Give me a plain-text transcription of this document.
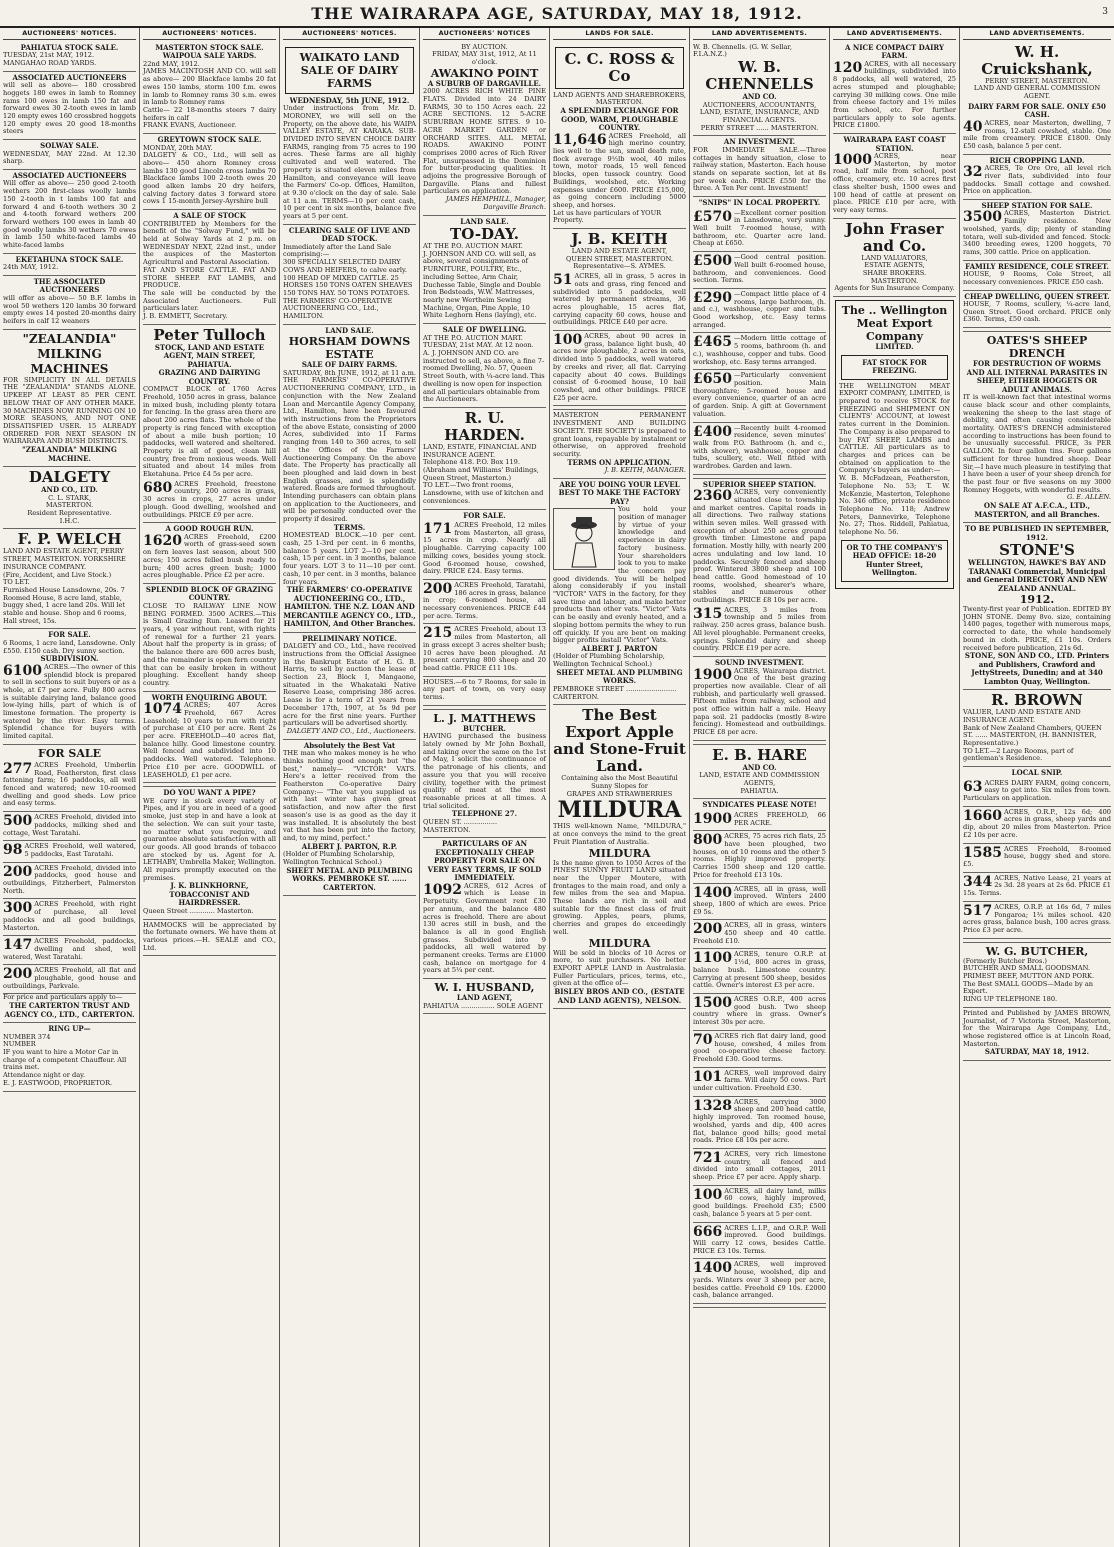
THE WAIRARAPA AGE, SATURDAY, MAY 18, 1912.	3
AUCTIONEERS' NOTICES.
PAHIATUA STOCK SALE.
TUESDAY, 21st MAY, 1912.
MANGAHAO ROAD YARDS.
ASSOCIATED AUCTIONEERS
will sell as above— 180 crossbred hoggets 180 ewes in lamb to Romney rams 100 ewes in lamb 150 fat and forward ewes 30 2-tooth ewes in lamb 120 empty ewes 160 crossbred hoggets 120 empty ewes 20 good 18-months steers
SOLWAY SALE.
WEDNESDAY, MAY 22nd. At 12.30 sharp.
ASSOCIATED AUCTIONEERS
Will offer as above— 250 good 2-tooth wethers 200 first-class woolly lambs 150 2-tooth in t lambs 100 fat and forward 4 and 6-tooth wethers 30 2 and 4-tooth forward wethers 200 forward wethers 100 ewes in lamb 40 good woolly lambs 30 wethers 70 ewes in lamb 150 white-faced lambs 40 white-faced lambs
EKETAHUNA STOCK SALE.
24th MAY, 1912.
THE ASSOCIATED AUCTIONEERS
will offer as above— 50 B.F. lambs in wool 50 wethers 120 lambs 30 forward empty ewes 14 posted 20-months dairy heifers in calf 12 weaners
"ZEALANDIA" MILKING MACHINES
FOR SIMPLICITY IN ALL DETAILS THE "ZEALANDIA" STANDS ALONE. UPKEEP AT LEAST 85 PER CENT. BELOW THAT OF ANY OTHER MAKE. 30 MACHINES NOW RUNNING ON 10 MORE SEASONS, AND NOT ONE DISSATISFIED USER. 15 ALREADY ORDERED FOR NEXT SEASON IN WAIRARAPA AND BUSH DISTRICTS.
"ZEALANDIA" MILKING MACHINE.
DALGETY
AND CO., LTD.
C. L. STARK,
MASTERTON.
Resident Representative.
I.H.C.
F. P. WELCH
LAND AND ESTATE AGENT, PERRY STREET, MASTERTON. YORKSHIRE INSURANCE COMPANY.
(Fire, Accident, and Live Stock.)
TO LET.
Furnished House Lansdowne, 20s. 7 Roomed House, 8 acre land, stable, buggy shed, 1 acre land 20s. Will let stable and house. Shop and 6 rooms, Hall street, 15s.
FOR SALE.
6 Rooms, 1 acre land, Lansdowne. Only £550. £150 cash. Dry sunny section.
SUBDIVISION.
6100 ACRES.—The owner of this splendid block is prepared to sell in sections to suit buyers or as a whole, at £7 per acre. Fully 800 acres is suitable dairying land, balance good low-lying hills, part of which is of limestone formation. The property is watered by the river. Easy terms. Splendid chance for buyers with limited capital.
FOR SALE
277 ACRES Freehold, Umberlin Road, Featherston, first class fattening farm; 16 paddocks, all well fenced and watered; new 10-roomed dwelling and good sheds. Low price and easy terms.
500 ACRES Freehold, divided into paddocks, milking shed and cottage, West Taratahi.
98 ACRES Freehold, well watered, 5 paddocks, East Taratahi.
200 ACRES Freehold, divided into paddocks, good house and outbuildings, Fitzherbert, Palmerston North.
300 ACRES Freehold, with right of purchase, all level paddocks and all good buildings, Masterton.
147 ACRES Freehold, paddocks, dwelling and shed, well watered, West Taratahi.
200 ACRES Freehold, all flat and ploughable, good house and outbuildings, Parkvale.
For price and particulars apply to—
THE CARTERTON TRUST AND AGENCY CO., LTD., CARTERTON.
RING UP—
NUMBER 374
NUMBER
IF you want to hire a Motor Car in charge of a competent Chauffeur. All trains met.
Attendance night or day.
E. J. EASTWOOD, PROPRIETOR.
AUCTIONEERS' NOTICES.
MASTERTON STOCK SALE. WAIPOUA SALE YARDS.
22nd MAY, 1912.
JAMES MACINTOSH AND CO. will sell as above— 200 Blackface lambs 20 fat ewes 150 lambs, storm 100 f.m. ewes in lamb to Romney rams 30 s.m. ewes in lamb to Romney rams
Cattle— 22 18-months steers 7 dairy heifers in calf
FRANK EVANS, Auctioneer.
GREYTOWN STOCK SALE.
MONDAY, 20th MAY.
DALGETY & CO., Ltd., will sell as above— 450 ahorn Romney cross lambs 130 good Lincoln cross lambs 70 Blackface lambs 100 2-tooth ewes 20 good alken lambs 20 dry heifers, calving factory dates 3 forward store cows 1 15-month Jersey-Ayrshire bull
A SALE OF STOCK
CONTRIBUTED by Members for the benefit of the "Solway Fund," will be held at Solway Yards at 2 p.m. on WEDNESDAY NEXT, 22nd inst., under the auspices of the Masterton Agricultural and Pastoral Association.
FAT AND STORE CATTLE. FAT AND STORE SHEEP. FAT LAMBS, and PRODUCE.
The sale will be conducted by the Associated Auctioneers. Full particulars later.
J. B. EMMETT, Secretary.
Peter Tulloch
STOCK, LAND AND ESTATE AGENT, MAIN STREET, PAHIATUA.
GRAZING AND DAIRYING COUNTRY.
COMPACT BLOCK of 1760 Acres Freehold, 1050 acres in grass, balance in mixed bush, including plenty totara for fencing. In the grass area there are about 200 acres flats. The whole of the property is ring fenced with exception of about a mile bush portion; 10 paddocks, well watered and sheltered. Property is all of good, clean hill country, free from noxious weeds. Well situated and about 14 miles from Eketahuna. Price £4 5s per acre.
680 ACRES Freehold, freestone country, 200 acres in grass, 30 acres in crops, 27 acres under plough. Good dwelling, woolshed and outbuildings. PRICE £9 per acre.
A GOOD ROUGH RUN.
1620 ACRES Freehold, £200 worth of grass-seed sown on fern leaves last season, about 500 acres; 150 acres felled bush ready to burn; 400 acres green bush; 1000 acres ploughable. Price £2 per acre.
SPLENDID BLOCK OF GRAZING COUNTRY.
CLOSE TO RAILWAY LINE NOW BEING FORMED. 3500 ACRES.—This is Small Grazing Run. Leased for 21 years, 4 year without rent, with rights of renewal for a further 21 years. About half the property is in grass; of the balance there are 600 acres bush, and the remainder is open fern country that can be easily broken in without ploughing. Excellent handy sheep country.
WORTH ENQUIRING ABOUT.
1074 ACRES; 407 Acres Freehold, 667 Acres Leasehold; 10 years to run with right of purchase at £10 per acre. Rent 2s per acre. FREEHOLD—40 acres flat, balance hilly. Good limestone country. Well fenced and subdivided into 10 paddocks. Well watered. Telephone. Price £10 per acre. GOODWILL of LEASEHOLD, £1 per acre.
DO YOU WANT A PIPE?
WE carry in stock every variety of Pipes, and if you are in need of a good smoke, just step in and have a look at the selection. We can suit your taste, no matter what you require, and guarantee absolute satisfaction with all our goods. All good brands of tobacco are stocked by us. Agent for A. LETHABY, Umbrella Maker, Wellington. All repairs promptly executed on the premises.
J. K. BLINKHORNE,
TOBACCONIST AND HAIRDRESSER.
Queen Street ............ Masterton.
HAMMOCKS will be appreciated by the fortunate owners. We have them at various prices.—H. SEALE and CO., Ltd.
AUCTIONEERS' NOTICES.
WAIKATO LAND SALE OF DAIRY FARMS
WEDNESDAY, 5th JUNE, 1912.
Under instructions from Mr. D. MORONEY, we will sell on the Property, on the above date, his WAIPA VALLEY ESTATE, AT KARAKA. SUB-DIVIDED INTO SEVEN CHOICE DAIRY FARMS, ranging from 75 acres to 190 acres. These farms are all highly cultivated and well watered. The property is situated eleven miles from Hamilton, and conveyance will leave the Farmers' Co-op. Offices, Hamilton, at 9.30 o'clock on the day of sale. Sale at 11 a.m. TERMS—10 per cent cash, 10 per cent in six months, balance five years at 5 per cent.
CLEARING SALE OF LIVE AND DEAD STOCK.
Immediately after the Land Sale comprising:—
300 SPECIALLY SELECTED DAIRY COWS AND HEIFERS, to calve early. 100 HEAD OF MIXED CATTLE. 25 HORSES 150 TONS OATEN SHEAVES 150 TONS HAY. 50 TONS POTATOES.
THE FARMERS' CO-OPERATIVE AUCTIONEERING CO., Ltd., HAMILTON.
LAND SALE.
HORSHAM DOWNS ESTATE
SALE OF DAIRY FARMS.
SATURDAY, 8th JUNE, 1912, at 11 a.m. THE FARMERS' CO-OPERATIVE AUCTIONEERING COMPANY, LTD., in conjunction with the New Zealand Loan and Mercantile Agency Company, Ltd., Hamilton, have been favoured with instructions from the Proprietors of the above Estate, consisting of 2000 Acres, subdivided into 11 Farms ranging from 140 to 360 acres, to sell at the Offices of the Farmers' Auctioneering Company. On the above date. The Property has practically all been ploughed and laid down in best English grasses, and is splendidly watered. Roads are formed throughout. Intending purchasers can obtain plans on application to the Auctioneers, and will be personally conducted over the property if desired.
TERMS.
HOMESTEAD BLOCK.—10 per cent. cash, 25 1-3rd per cent. in 6 months, balance 5 years. LOT 2—10 per cent. cash, 15 per cent. in 3 months, balance four years. LOT 3 to 11—10 per cent. cash, 10 per cent. in 3 months, balance four years.
THE FARMERS' CO-OPERATIVE AUCTIONEERING CO., LTD., HAMILTON. THE N.Z. LOAN AND MERCANTILE AGENCY CO., LTD., HAMILTON, And Other Branches.
PRELIMINARY NOTICE.
DALGETY and CO., Ltd., have received instructions from the Official Assignee in the Bankrupt Estate of H. G. B. Harris, to sell by auction the lease of Section 23, Block I, Mangaone, situated in the Whakataki Native Reserve Lease, comprising 386 acres. Lease is for a term of 21 years from December 17th, 1907, at 5s 9d per acre for the first nine years. Further particulars will be advertised shortly.
DALGETY AND CO., Ltd., Auctioneers.
Absolutely the Best Vat
THE man who makes money is he who thinks nothing good enough but "the best," namely— "VICTOR" VATS. Here's a letter received from the Featherston Co-operative Dairy Company:— "The vat you supplied us with last winter has given great satisfaction, and now after the first season's use is as good as the day it was installed. It is absolutely the best vat that has been put into the factory, and, to my mind, perfect."
ALBERT J. PARTON, R.P.
(Holder of Plumbing Scholarship, Wellington Technical School.)
SHEET METAL AND PLUMBING WORKS. PEMBROKE ST. ...... CARTERTON.
AUCTIONEERS' NOTICES
BY AUCTION.
FRIDAY, MAY 31st, 1912, At 11 o'clock.
AWAKINO POINT
A SUBURB OF DARGAVILLE.
2000 ACRES RICH WHITE PINE FLATS. Divided into 24 DAIRY FARMS, 30 to 150 Acres each. 22 ACRE SECTIONS. 12 5-ACRE SUBURBAN HOME SITES. 9 10-ACRE MARKET GARDEN or ORCHARD SITES. ALL METAL ROADS. AWAKINO POINT comprises 2000 acres of Rich River Flat, unsurpassed in the Dominion for butter-producing qualities. It adjoins the progressive Borough of Dargaville. Plans and fullest particulars on application.
JAMES HEMPHILL, Manager, Dargaville Branch.
LAND SALE.
TO-DAY.
AT THE P.O. AUCTION MART.
J. JOHNSON AND CO. will sell, as above, several consignments of FURNITURE, POULTRY, Etc., including Settee, Arm Chair, Duchesse Table, Single and Double Iron Bedsteads, W.W. Mattresses, nearly new Wertheim Sewing Machine, Organ, Pine Apple, 10 White Leghorn Hens (laying), etc.
SALE OF DWELLING.
AT THE P.O. AUCTION MART.
TUESDAY, 21st MAY. At 12 noon.
A. J. JOHNSON AND CO. are instructed to sell, as above, a fine 7-roomed Dwelling, No. 57, Queen Street South, with ¼-acre land. This dwelling is now open for inspection and all particulars obtainable from the Auctioneers.
R. U. HARDEN.
LAND, ESTATE, FINANCIAL AND INSURANCE AGENT.
Telephone 418. P.O. Box 119.
(Abraham and Williams' Buildings, Queen Street, Masterton.)
TO LET.—Two front rooms, Lansdowne, with use of kitchen and conveniences.
FOR SALE.
171 ACRES Freehold, 12 miles from Masterton, all grass, 15 acres in crop. Nearly all ploughable. Carrying capacity 100 milking cows, besides young stock. Good 6-roomed house, cowshed, dairy. PRICE £24. Easy terms.
200 ACRES Freehold, Taratahi, 186 acres in grass, balance in crop; 6-roomed house, all necessary conveniences. PRICE £44 per acre. Terms.
215 ACRES Freehold, about 13 miles from Masterton, all in grass except 3 acres shelter bush; 10 acres have been ploughed. At present carrying 800 sheep and 20 head cattle. PRICE £11 10s.
HOUSES.—6 to 7 Rooms, for sale in any part of town, on very easy terms.
L. J. MATTHEWS
BUTCHER.
HAVING purchased the business lately owned by Mr John Boxhall, and taking over the same on the 1st of May, I solicit the continuance of the patronage of his clients, and assure you that you will receive civility, together with the primest quality of meat at the most reasonable prices at all times. A trial solicited.
TELEPHONE 27.
QUEEN ST. ................ MASTERTON.
PARTICULARS OF AN EXCEPTIONALLY CHEAP PROPERTY FOR SALE ON VERY EASY TERMS, IF SOLD IMMEDIATELY.
1092 ACRES, 612 Acres of which is Lease in Perpetuity. Government rent £30 per annum, and the balance 480 acres is freehold. There are about 130 acres still in bush, and the balance is all in good English grasses. Subdivided into 9 paddocks, all well watered by permanent creeks. Terms are £1000 cash, balance on mortgage for 4 years at 5¼ per cent.
W. I. HUSBAND,
LAND AGENT,
PAHIATUA ................ SOLE AGENT
LANDS FOR SALE.
C. C. ROSS & Co
LAND AGENTS AND SHAREBROKERS,
MASTERTON.
A SPLENDID EXCHANGE FOR GOOD, WARM, PLOUGHABLE COUNTRY.
11,646 ACRES Freehold, all high merino country, lies well to the sun, small death rate, flock average 9½lb wool, 40 miles town, motor roads, 15 well fenced blocks, open tussock country. Good Buildings, woolshed, etc. Working expenses under £600. PRICE £15,000, as going concern including 5000 sheep, and horses.
Let us have particulars of YOUR Property.
J. B. KEITH
LAND AND ESTATE AGENT,
QUEEN STREET, MASTERTON.
Representative—S. AYMES.
51 ACRES, all in grass, 5 acres in oats and grass, ring fenced and subdivided into 5 paddocks, well watered by permanent streams, 36 acres ploughable, 15 acres flat, carrying capacity 60 cows, house and outbuildings. PRICE £40 per acre.
100 ACRES, about 90 acres in grass, balance light bush, 40 acres now ploughable, 2 acres in oats, divided into 5 paddocks, well watered by creeks and river, all flat. Carrying capacity about 40 cows. Buildings consist of 6-roomed house, 10 bail cowshed, and other buildings. PRICE £25 per acre.
MASTERTON PERMANENT INVESTMENT AND BUILDING SOCIETY. THE SOCIETY is prepared to grant loans, repayable by instalment or otherwise, on approved freehold security.
TERMS ON APPLICATION.
J. B. KEITH, MANAGER.
ARE YOU DOING YOUR LEVEL BEST TO MAKE THE FACTORY PAY?
You hold your position of manager by virtue of your knowledge and experience in dairy factory business. Your shareholders look to you to make the concern pay good dividends. You will be helped along considerably if you install "VICTOR" VATS in the factory, for they save time and labour, and make better products than other vats. "Victor" Vats can be easily and evenly heated, and a sloping bottom permits the whey to run off quickly. If you are bent on making bigger profits install "Victor" Vats.
ALBERT J. PARTON
(Holder of Plumbing Scholarship, Wellington Technical School.)
SHEET METAL AND PLUMBING WORKS.
PEMBROKE STREET ........................ CARTERTON.
The Best Export Apple and Stone-Fruit Land.
Containing also the Most Beautiful Sunny Slopes for
GRAPES AND STRAWBERRIES
MILDURA
THIS well-known Name, "MILDURA," at once conveys the mind to the great Fruit Plantation of Australia.
MILDURA
Is the name given to 1050 Acres of the PINEST SUNNY FRUIT LAND situated near the Upper Moutere, with frontages to the main road, and only a few miles from the sea and Mapua. These lands are rich in soil and suitable for the finest class of fruit growing. Apples, pears, plums, cherries and grapes do exceedingly well.
MILDURA
Will be sold in blocks of 10 Acres or more, to suit purchasers. No better EXPORT APPLE LAND in Australasia. Fuller Particulars, prices, terms, etc., given at the office of—
BISLEY BROS AND CO., (ESTATE AND LAND AGENTS), NELSON.
LAND ADVERTISEMENTS.
W. B. Chennells. (G. W. Sellar, F.I.A.N.Z.)
W. B. CHENNELLS
AND CO.
AUCTIONEERS, ACCOUNTANTS, LAND, ESTATE, INSURANCE, AND FINANCIAL AGENTS.
PERRY STREET ...... MASTERTON.
AN INVESTMENT.
FOR IMMEDIATE SALE.—Three cottages in handy situation, close to railway station, Masterton. Each house stands on separate section, let at 8s per week each. PRICE £550 for the three. A Ten Per cent. Investment!
"SNIPS" IN LOCAL PROPERTY.
£570 —Excellent corner position in Lansdowne, very sunny. Well built 7-roomed house, with bathroom, etc. Quarter acre land. Cheap at £650.
£500 —Good central position. Well built 6-roomed house, bathroom, and conveniences. Good section. Terms.
£290 —Compact little place of 4 rooms, large bathroom, (h. and c.), washhouse, copper and tubs. Good workshop, etc. Easy terms arranged.
£465 —Modern little cottage of 5 rooms, bathroom (h. and c.), washhouse, copper and tubs. Good workshop, etc. Easy terms arranged.
£650 —Particularly convenient position. Main thoroughfare; 5-roomed house and every convenience, quarter of an acre of garden. Snip. A gift at Government valuation.
£400 —Recently built 4-roomed residence, seven minutes' walk from P.O. Bathroom (h. and c., with shower), washhouse, copper and tubs, scullery, etc. Well fitted with wardrobes. Garden and lawn.
SUPERIOR SHEEP STATION.
2360 ACRES, very conveniently situated close to township and market centres. Capital roads in all directions. Two railway stations within seven miles. Well grassed with exception of about 250 acres ground growth timber. Limestone and papa formation. Mostly hilly, with nearly 200 acres undulating and low land. 10 paddocks. Securely fenced and sheep proof. Wintered 3800 sheep and 100 head cattle. Good homestead of 10 rooms, woolshed, shearer's whare, stables and numerous other outbuildings. PRICE £8 10s per acre.
315 ACRES, 3 miles from township and 5 miles from railway. 250 acres grass, balance bush. All level ploughable. Permanent creeks, springs. Splendid dairy and sheep country. PRICE £19 per acre.
SOUND INVESTMENT.
1900 ACRES, Wairarapa district. One of the best grazing properties now available. Clear of all rubbish, and particularly well grassed. Fifteen miles from railway, school and post office within half a mile. Heavy papa soil. 21 paddocks (mostly 8-wire fencing). Homestead and outbuildings. PRICE £8 per acre.
E. B. HARE
AND CO.
LAND, ESTATE AND COMMISSION AGENTS,
PAHIATUA.
SYNDICATES PLEASE NOTE!
1900 ACRES FREEHOLD, 66 PER ACRE.
800 ACRES, 75 acres rich flats, 25 have been ploughed, two houses, on of 10 rooms and the other 5 rooms. Highly improved property. Carries 1500 sheep and 120 cattle. Price for freehold £13 10s.
1400 ACRES, all in grass, well improved. Winters 2400 sheep, 1800 of which are ewes. Price £9 5s.
200 ACRES, all in grass, winters 450 sheep and 40 cattle. Freehold £10.
1100 ACRES, tenure O.R.P. at 1½d, 800 acres in grass, balance bush. Limestone country. Carrying at present 500 sheep, besides cattle. Owner's interest £3 per acre.
1500 ACRES O.R.P., 400 acres good bush. Two sheep country where in grass. Owner's interest 30s per acre.
70 ACRES rich flat dairy land, good house, cowshed, 4 miles from good co-operative cheese factory. Freehold £30. Good terms.
101 ACRES, well improved dairy farm. Will dairy 50 cows. Part under cultivation. Freehold £30.
1328 ACRES, carrying 3000 sheep and 200 head cattle, highly improved. Ten roomed house, woolshed, yards and dip, 400 acres flat, balance good hills; good metal roads. Price £8 10s per acre.
721 ACRES, very rich limestone country, all fenced and divided into small cottages, 2011 sheep. Price £7 per acre. Apply sharp.
100 ACRES, all dairy land, milks 60 cows, highly improved, good buildings. Freehold £35; £500 cash, balance 5 years at 5 per cent.
666 ACRES L.I.P., and O.R.P. Well improved. Good buildings. Will carry 12 cows, besides Cattle. PRICE £3 10s. Terms.
1400 ACRES, well improved house, woolshed, dip and yards. Winters over 3 sheep per acre, besides cattle. Freehold £9 10s. £2000 cash, balance arranged.
LAND ADVERTISEMENTS.
A NICE COMPACT DAIRY FARM.
120 ACRES, with all necessary buildings, subdivided into 8 paddocks, all well watered, 25 acres stumped and ploughable; carrying 30 milking cows. One mile from cheese factory and 1½ miles from school, etc. For further particulars apply to sole agents. PRICE £1800.
WAIRARAPA EAST COAST STATION.
1000 ACRES, near Masterton, by motor road, half mile from school, post office, creamery, etc. 10 acres first class shelter bush, 1500 ewes and 100 head of cattle at present on place. PRICE £10 per acre, with very easy terms.
John Fraser and Co.
LAND VALUATORS,
ESTATE AGENTS,
SHARE BROKERS.
MASTERTON.
Agents for Sun Insurance Company.
The .. Wellington Meat Export Company
LIMITED.
FAT STOCK FOR FREEZING.
THE WELLINGTON MEAT EXPORT COMPANY, LIMITED, is prepared to receive STOCK for FREEZING and SHIPMENT ON CLIENTS' ACCOUNT, at lowest rates current in the Dominion. The Company is also prepared to buy FAT SHEEP, LAMBS and CATTLE. All particulars as to charges and prices can be obtained on application to the Company's buyers as under:—
W. B. McFadzean, Featherston, Telephone No. 53; T. W. McKenzie, Masterton, Telephone No. 346 office, private residence Telephone No. 118; Andrew Peters, Dannevirke, Telephone No. 27; Thos. Riddell, Pahiatua, telephone No. 56.
OR TO THE COMPANY'S HEAD OFFICE: 18-20 Hunter Street, Wellington.
LAND ADVERTISEMENTS.
W. H. Cruickshank,
PERRY STREET, MASTERTON.
LAND AND GENERAL COMMISSION AGENT.
DAIRY FARM FOR SALE. ONLY £50 CASH.
40 ACRES, near Masterton, dwelling, 7 rooms, 12-stall cowshed, stable. One mile from creamery. PRICE £1800. Only £50 cash, balance 5 per cent.
RICH CROPPING LAND.
32 ACRES, Te Ore Ore, all level rich river flats, subdivided into four paddocks. Small cottage and cowshed. Price on application.
SHEEP STATION FOR SALE.
3500 ACRES, Masterton District. Family residence. New woolshed, yards, dip; plenty of standing totara, well sub-divided and fenced. Stock: 3400 breeding ewes, 1200 hoggets, 70 rams, 300 cattle. Price on application.
FAMILY RESIDENCE, COLE STREET.
HOUSE, 9 Rooms, Cole Street, all necessary conveniences. PRICE £50 cash.
CHEAP DWELLING, QUEEN STREET.
HOUSE, 7 Rooms, scullery, ¼-acre land, Queen Street. Good orchard. PRICE only £360. Terms, £50 cash.
OATES'S SHEEP DRENCH
FOR DESTRUCTION OF WORMS AND ALL INTERNAL PARASITES IN SHEEP, EITHER HOGGETS OR ADULT ANIMALS.
IT is well-known fact that intestinal worms cause black scour and other complaints, weakening the sheep to the last stage of debility, and often causing considerable mortality. OATES'S DRENCH administered according to instructions has been found to be unusually successful. PRICE, 3s PER GALLON. In four gallon tins. Four gallons sufficient for three hundred sheep. Dear Sir,—I have much pleasure in testifying that I have been a user of your sheep drench for the past four or five seasons on my 3000 Romney Hoggets, with wonderful results.
G. E. ALLEN.
ON SALE AT A.F.C.A., LTD., MASTERTON, and all Branches.
TO BE PUBLISHED IN SEPTEMBER, 1912.
STONE'S
WELLINGTON, HAWKE'S BAY AND TARANAKI Commercial, Municipal and General DIRECTORY AND NEW ZEALAND ANNUAL.
1912.
Twenty-first year of Publication. EDITED BY JOHN STONE. Demy 8vo. size, containing 1400 pages, together with numerous maps, corrected to date, the whole handsomely bound in cloth. PRICE, £1 10s. Orders received before publication, 21s 6d.
STONE, SON AND CO., LTD. Printers and Publishers, Crawford and JettyStreets, Dunedin; and at 340 Lambton Quay, Wellington.
R. BROWN
VALUER, LAND AND ESTATE AND INSURANCE AGENT.
Bank of New Zealand Chambers, QUEEN ST. ...... MASTERTON, (H. BANNISTER, Representative.)
TO LET.—2 Large Rooms, part of gentleman's Residence.
LOCAL SNIP.
63 ACRES DAIRY FARM, going concern, easy to get into. Six miles from town. Particulars on application.
1660 ACRES, O.R.P., 12s 6d; 400 acres in grass, sheep yards and dip, about 20 miles from Masterton. Price £2 10s per acre.
1585 ACRES Freehold, 8-roomed house, buggy shed and store. £5.
344 ACRES, Native Lease, 21 years at 2s 3d. 28 years at 2s 6d. PRICE £1 15s. Terms.
517 ACRES, O.R.P. at 16s 6d, 7 miles Pongaroa; 1¾ miles school. 420 acres grass, balance bush, 100 acres grass. Price £3 per acre.
W. G. BUTCHER,
(Formerly Butcher Bros.)
BUTCHER AND SMALL GOODSMAN.
PRIMEST BEEF, MUTTON AND PORK.
The Best SMALL GOODS—Made by an Expert.
RING UP TELEPHONE 180.
Printed and Published by JAMES BROWN, Journalist, of 7 Victoria Street, Masterton, for the Wairarapa Age Company, Ltd., whose registered office is at Lincoln Road, Masterton.
SATURDAY, MAY 18, 1912.
